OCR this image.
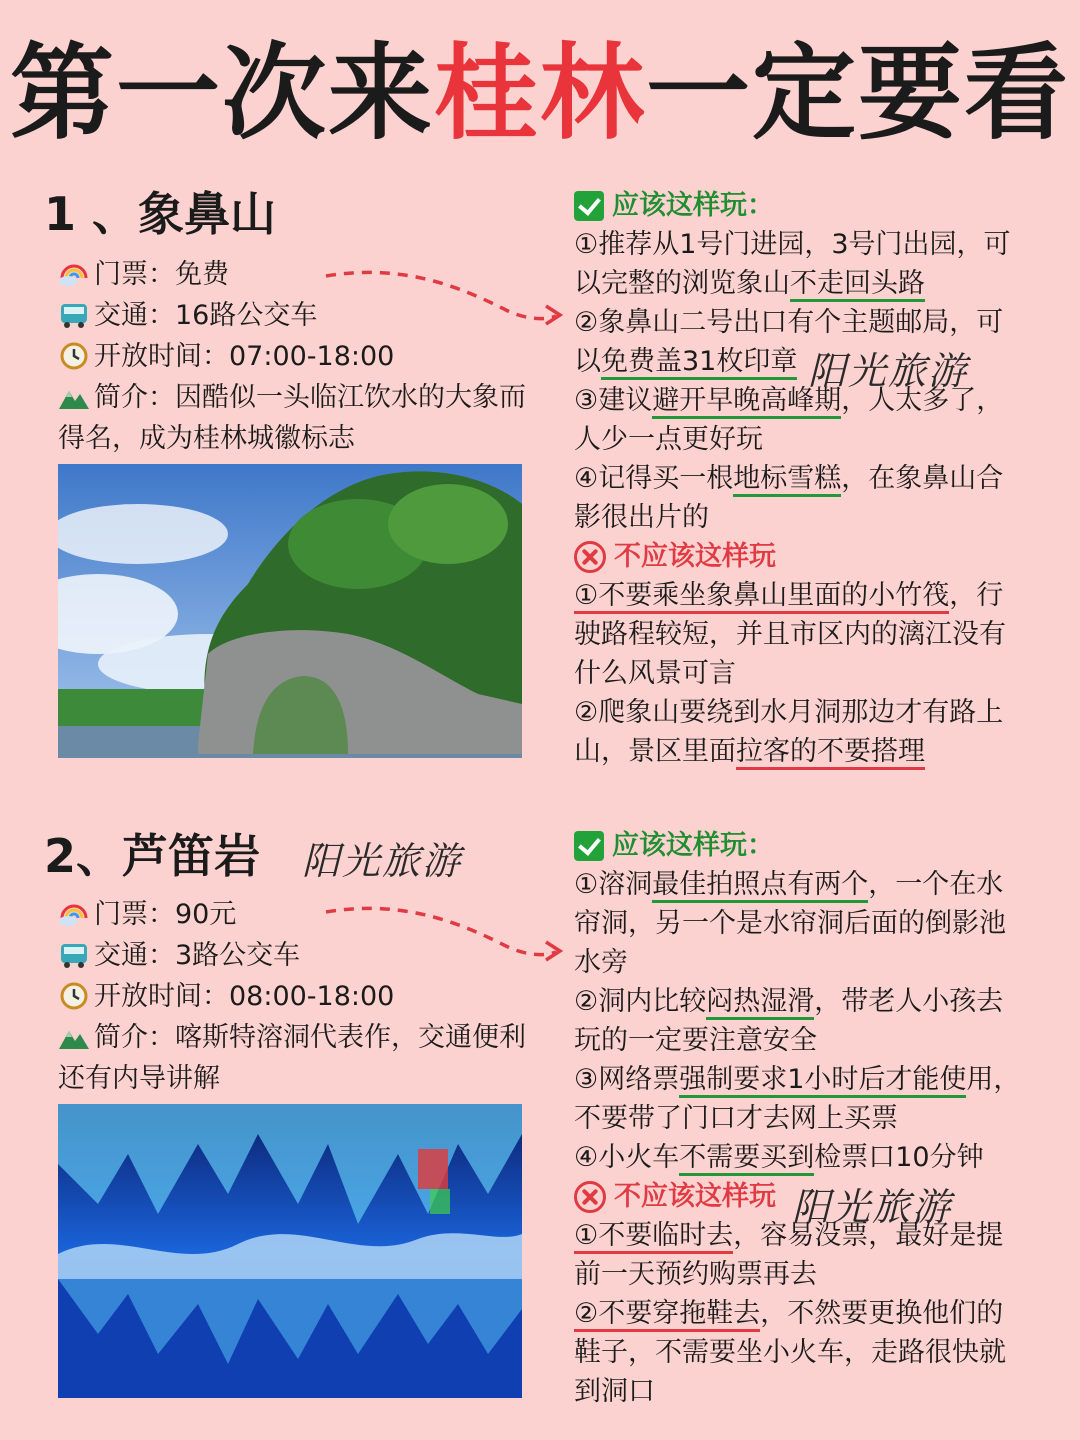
第一次来桂林一定要看
1 、象鼻山
门票：免费
交通：16路公交车
开放时间：07:00-18:00
简介：因酷似一头临江饮水的大象而得名，成为桂林城徽标志
应该这样玩：
①推荐从1号门进园，3号门出园，可以完整的浏览象山不走回头路
②象鼻山二号出口有个主题邮局，可以免费盖31枚印章
③建议避开早晚高峰期，人太多了，人少一点更好玩
④记得买一根地标雪糕，在象鼻山合影很出片的
不应该这样玩
①不要乘坐象鼻山里面的小竹筏，行驶路程较短，并且市区内的漓江没有什么风景可言
②爬象山要绕到水月洞那边才有路上山，景区里面拉客的不要搭理
阳光旅游
2、芦笛岩 阳光旅游
门票：90元
交通：3路公交车
开放时间：08:00-18:00
简介：喀斯特溶洞代表作，交通便利还有内导讲解
应该这样玩：
①溶洞最佳拍照点有两个，一个在水帘洞，另一个是水帘洞后面的倒影池水旁
②洞内比较闷热湿滑，带老人小孩去玩的一定要注意安全
③网络票强制要求1小时后才能使用，不要带了门口才去网上买票
④小火车不需要买到检票口10分钟
不应该这样玩
①不要临时去，容易没票，最好是提前一天预约购票再去
②不要穿拖鞋去，不然要更换他们的鞋子，不需要坐小火车，走路很快就到洞口
阳光旅游
